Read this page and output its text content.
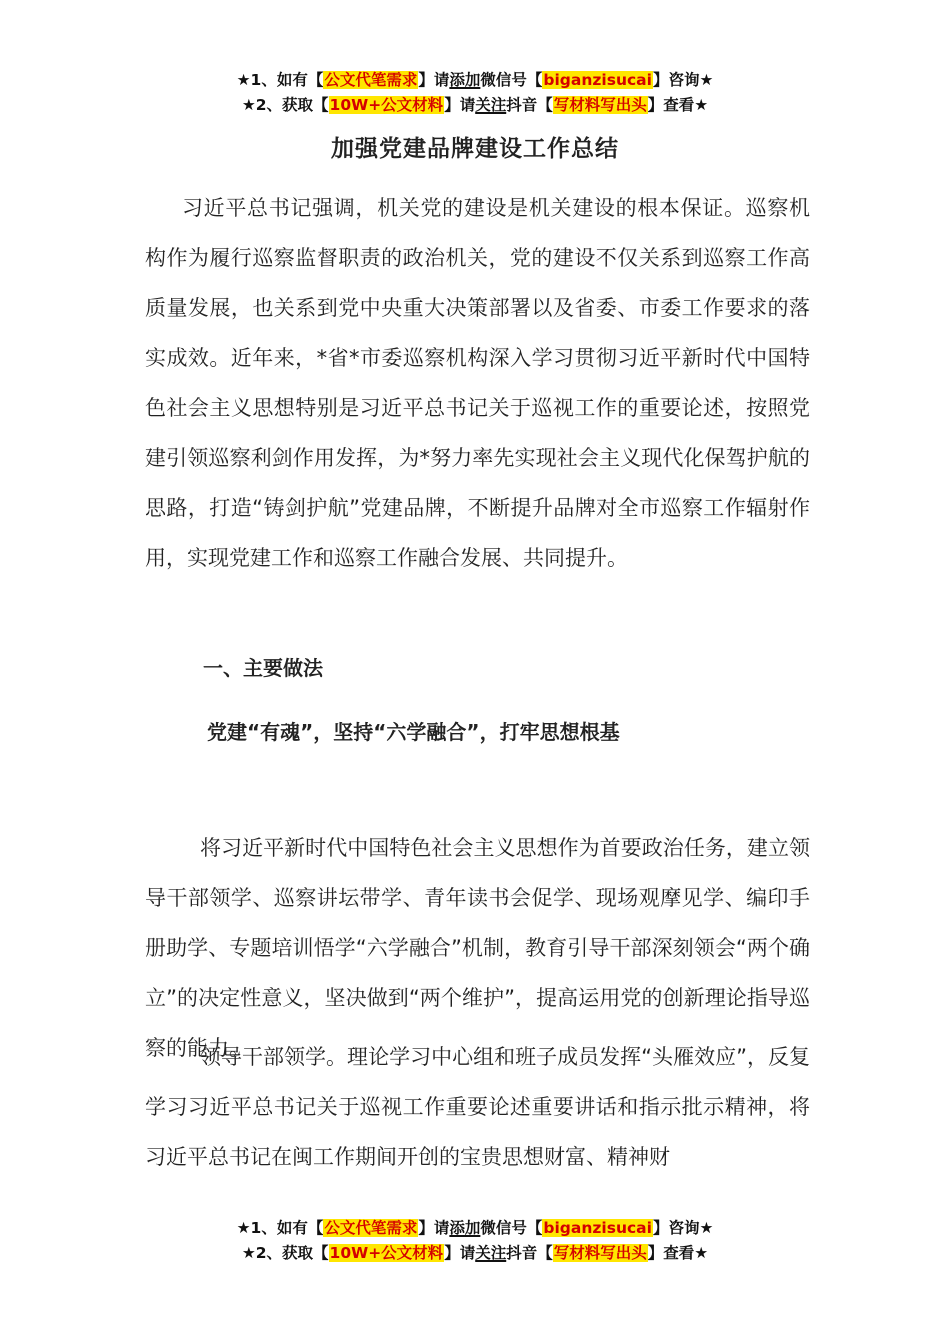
★1、如有【公文代笔需求】请添加微信号【biganzisucai】咨询★
★2、获取【10W+公文材料】请关注抖音【写材料写出头】查看★
加强党建品牌建设工作总结
习近平总书记强调，机关党的建设是机关建设的根本保证。巡察机构作为履行巡察监督职责的政治机关，党的建设不仅关系到巡察工作高质量发展，也关系到党中央重大决策部署以及省委、市委工作要求的落实成效。近年来，*省*市委巡察机构深入学习贯彻习近平新时代中国特色社会主义思想特别是习近平总书记关于巡视工作的重要论述，按照党建引领巡察利剑作用发挥，为*努力率先实现社会主义现代化保驾护航的思路，打造“铸剑护航”党建品牌，不断提升品牌对全市巡察工作辐射作用，实现党建工作和巡察工作融合发展、共同提升。
一、主要做法
党建“有魂”，坚持“六学融合”，打牢思想根基
将习近平新时代中国特色社会主义思想作为首要政治任务，建立领导干部领学、巡察讲坛带学、青年读书会促学、现场观摩见学、编印手册助学、专题培训悟学“六学融合”机制，教育引导干部深刻领会“两个确立”的决定性意义，坚决做到“两个维护”，提高运用党的创新理论指导巡察的能力。
领导干部领学。理论学习中心组和班子成员发挥“头雁效应”，反复学习习近平总书记关于巡视工作重要论述重要讲话和指示批示精神，将习近平总书记在闽工作期间开创的宝贵思想财富、精神财
★1、如有【公文代笔需求】请添加微信号【biganzisucai】咨询★
★2、获取【10W+公文材料】请关注抖音【写材料写出头】查看★
